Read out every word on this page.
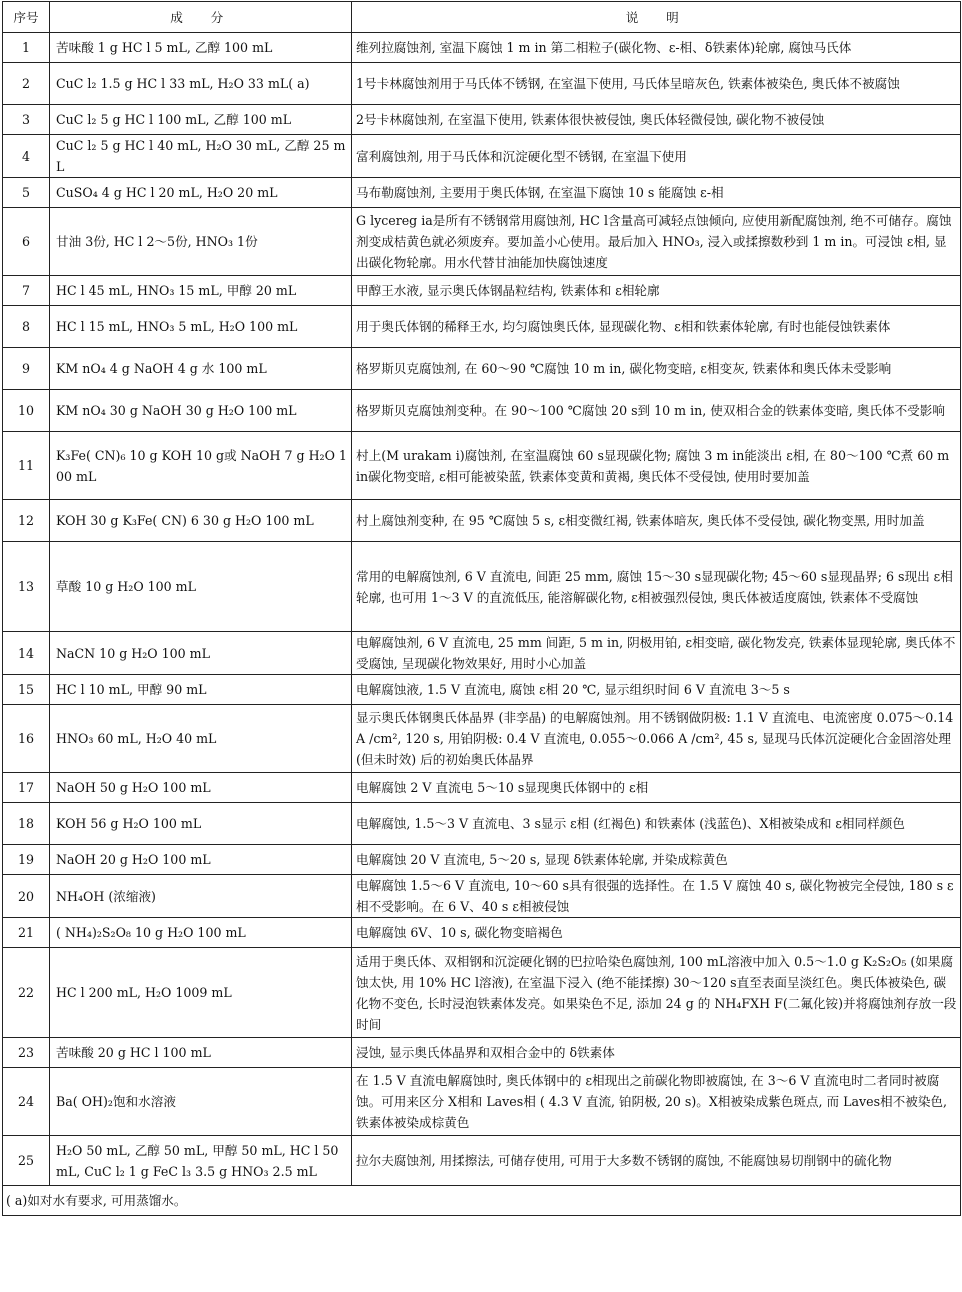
序号	成　分	说　明
1	苦味酸 1 g HC l 5 mL, 乙醇 100 mL	维列拉腐蚀剂, 室温下腐蚀 1 m in 第二相粒子(碳化物、ε-相、δ铁素体)轮廓, 腐蚀马氏体
2	CuC l₂ 1.5 g HC l 33 mL, H₂O 33 mL( a)	1号卡林腐蚀剂用于马氏体不锈钢, 在室温下使用, 马氏体呈暗灰色, 铁素体被染色, 奥氏体不被腐蚀
3	CuC l₂ 5 g HC l 100 mL, 乙醇 100 mL	2号卡林腐蚀剂, 在室温下使用, 铁素体很快被侵蚀, 奥氏体轻微侵蚀, 碳化物不被侵蚀
4	CuC l₂ 5 g HC l 40 mL, H₂O 30 mL, 乙醇 25 mL	富利腐蚀剂, 用于马氏体和沉淀硬化型不锈钢, 在室温下使用
5	CuSO₄ 4 g HC l 20 mL, H₂O 20 mL	马布勒腐蚀剂, 主要用于奥氏体钢, 在室温下腐蚀 10 s 能腐蚀 ε-相
6	甘油 3份, HC l 2～5份, HNO₃ 1份	G lycereg ia是所有不锈钢常用腐蚀剂, HC l含量高可减轻点蚀倾向, 应使用新配腐蚀剂, 绝不可储存。腐蚀剂变成桔黄色就必须废弃。要加盖小心使用。最后加入 HNO₃, 浸入或揉擦数秒到 1 m in。可浸蚀 ε相, 显出碳化物轮廓。用水代替甘油能加快腐蚀速度
7	HC l 45 mL, HNO₃ 15 mL, 甲醇 20 mL	甲醇王水液, 显示奥氏体钢晶粒结构, 铁素体和 ε相轮廓
8	HC l 15 mL, HNO₃ 5 mL, H₂O 100 mL	用于奥氏体钢的稀释王水, 均匀腐蚀奥氏体, 显现碳化物、ε相和铁素体轮廓, 有时也能侵蚀铁素体
9	KM nO₄ 4 g NaOH 4 g 水 100 mL	格罗斯贝克腐蚀剂, 在 60～90 ℃腐蚀 10 m in, 碳化物变暗, ε相变灰, 铁素体和奥氏体未受影响
10	KM nO₄ 30 g NaOH 30 g H₂O 100 mL	格罗斯贝克腐蚀剂变种。在 90～100 ℃腐蚀 20 s到 10 m in, 使双相合金的铁素体变暗, 奥氏体不受影响
11	K₃Fe( CN)₆ 10 g KOH 10 g或 NaOH 7 g H₂O 100 mL	村上(M urakam i)腐蚀剂, 在室温腐蚀 60 s显现碳化物; 腐蚀 3 m in能淡出 ε相, 在 80～100 ℃煮 60 m in碳化物变暗, ε相可能被染蓝, 铁素体变黄和黄褐, 奥氏体不受侵蚀, 使用时要加盖
12	KOH 30 g K₃Fe( CN) 6 30 g H₂O 100 mL	村上腐蚀剂变种, 在 95 ℃腐蚀 5 s, ε相变微红褐, 铁素体暗灰, 奥氏体不受侵蚀, 碳化物变黑, 用时加盖
13	草酸 10 g H₂O 100 mL	常用的电解腐蚀剂, 6 V 直流电, 间距 25 mm, 腐蚀 15～30 s显现碳化物; 45～60 s显现晶界; 6 s现出 ε相轮廓, 也可用 1～3 V 的直流低压, 能溶解碳化物, ε相被强烈侵蚀, 奥氏体被适度腐蚀, 铁素体不受腐蚀
14	NaCN 10 g H₂O 100 mL	电解腐蚀剂, 6 V 直流电, 25 mm 间距, 5 m in, 阴极用铂, ε相变暗, 碳化物发亮, 铁素体显现轮廓, 奥氏体不受腐蚀, 呈现碳化物效果好, 用时小心加盖
15	HC l 10 mL, 甲醇 90 mL	电解腐蚀液, 1.5 V 直流电, 腐蚀 ε相 20 ℃, 显示组织时间 6 V 直流电 3～5 s
16	HNO₃ 60 mL, H₂O 40 mL	显示奥氏体钢奥氏体晶界 (非孪晶) 的电解腐蚀剂。用不锈钢做阴极: 1.1 V 直流电、电流密度 0.075～0.14 A /cm², 120 s, 用铂阴极: 0.4 V 直流电, 0.055～0.066 A /cm², 45 s, 显现马氏体沉淀硬化合金固溶处理 (但未时效) 后的初始奥氏体晶界
17	NaOH 50 g H₂O 100 mL	电解腐蚀 2 V 直流电 5～10 s显现奥氏体钢中的 ε相
18	KOH 56 g H₂O 100 mL	电解腐蚀, 1.5～3 V 直流电、3 s显示 ε相 (红褐色) 和铁素体 (浅蓝色)、X相被染成和 ε相同样颜色
19	NaOH 20 g H₂O 100 mL	电解腐蚀 20 V 直流电, 5～20 s, 显现 δ铁素体轮廓, 并染成粽黄色
20	NH₄OH (浓缩液)	电解腐蚀 1.5～6 V 直流电, 10～60 s具有很强的选择性。在 1.5 V 腐蚀 40 s, 碳化物被完全侵蚀, 180 s ε相不受影响。在 6 V、40 s ε相被侵蚀
21	( NH₄)₂S₂O₈ 10 g H₂O 100 mL	电解腐蚀 6V、10 s, 碳化物变暗褐色
22	HC l 200 mL, H₂O 1009 mL	适用于奥氏体、双相钢和沉淀硬化钢的巴拉哈染色腐蚀剂, 100 mL溶液中加入 0.5～1.0 g K₂S₂O₅ (如果腐蚀太快, 用 10% HC l溶液), 在室温下浸入 (绝不能揉擦) 30～120 s直至表面呈淡红色。奥氏体被染色, 碳化物不变色, 长时浸泡铁素体发亮。如果染色不足, 添加 24 g 的 NH₄FXH F(二氟化铵)并将腐蚀剂存放一段时间
23	苦味酸 20 g HC l 100 mL	浸蚀, 显示奥氏体晶界和双相合金中的 δ铁素体
24	Ba( OH)₂饱和水溶液	在 1.5 V 直流电解腐蚀时, 奥氏体钢中的 ε相现出之前碳化物即被腐蚀, 在 3～6 V 直流电时二者同时被腐蚀。可用来区分 X相和 Laves相 ( 4.3 V 直流, 铂阴极, 20 s)。X相被染成紫色斑点, 而 Laves相不被染色, 铁素体被染成棕黄色
25	H₂O 50 mL, 乙醇 50 mL, 甲醇 50 mL, HC l 50 mL, CuC l₂ 1 g FeC l₃ 3.5 g HNO₃ 2.5 mL	拉尔夫腐蚀剂, 用揉擦法, 可储存使用, 可用于大多数不锈钢的腐蚀, 不能腐蚀易切削钢中的硫化物
( a)如对水有要求, 可用蒸馏水。		
